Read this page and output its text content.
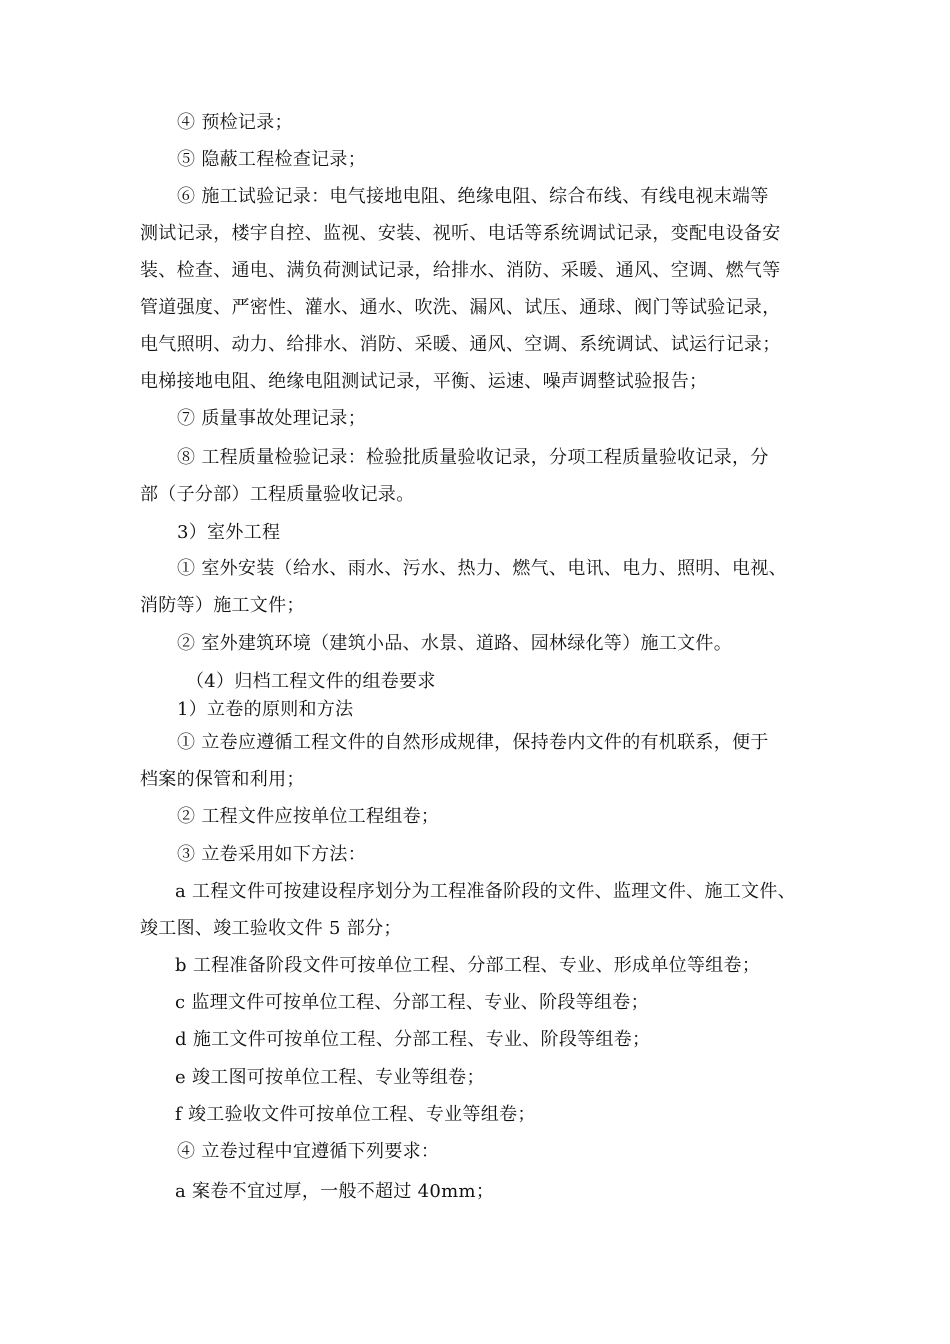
④ 预检记录；
⑤ 隐蔽工程检查记录；
⑥ 施工试验记录：电气接地电阻、绝缘电阻、综合布线、有线电视末端等
测试记录，楼宇自控、监视、安装、视听、电话等系统调试记录，变配电设备安
装、检查、通电、满负荷测试记录，给排水、消防、采暖、通风、空调、燃气等
管道强度、严密性、灌水、通水、吹洗、漏风、试压、通球、阀门等试验记录，
电气照明、动力、给排水、消防、采暖、通风、空调、系统调试、试运行记录；
电梯接地电阻、绝缘电阻测试记录，平衡、运速、噪声调整试验报告；
⑦ 质量事故处理记录；
⑧ 工程质量检验记录：检验批质量验收记录，分项工程质量验收记录，分
部（子分部）工程质量验收记录。
3）室外工程
① 室外安装（给水、雨水、污水、热力、燃气、电讯、电力、照明、电视、
消防等）施工文件；
② 室外建筑环境（建筑小品、水景、道路、园林绿化等）施工文件。
（4）归档工程文件的组卷要求
1）立卷的原则和方法
① 立卷应遵循工程文件的自然形成规律，保持卷内文件的有机联系，便于
档案的保管和利用；
② 工程文件应按单位工程组卷；
③ 立卷采用如下方法：
a 工程文件可按建设程序划分为工程准备阶段的文件、监理文件、施工文件、
竣工图、竣工验收文件 5 部分；
b 工程准备阶段文件可按单位工程、分部工程、专业、形成单位等组卷；
c 监理文件可按单位工程、分部工程、专业、阶段等组卷；
d 施工文件可按单位工程、分部工程、专业、阶段等组卷；
e 竣工图可按单位工程、专业等组卷；
f 竣工验收文件可按单位工程、专业等组卷；
④ 立卷过程中宜遵循下列要求：
a 案卷不宜过厚，一般不超过 40mm；
